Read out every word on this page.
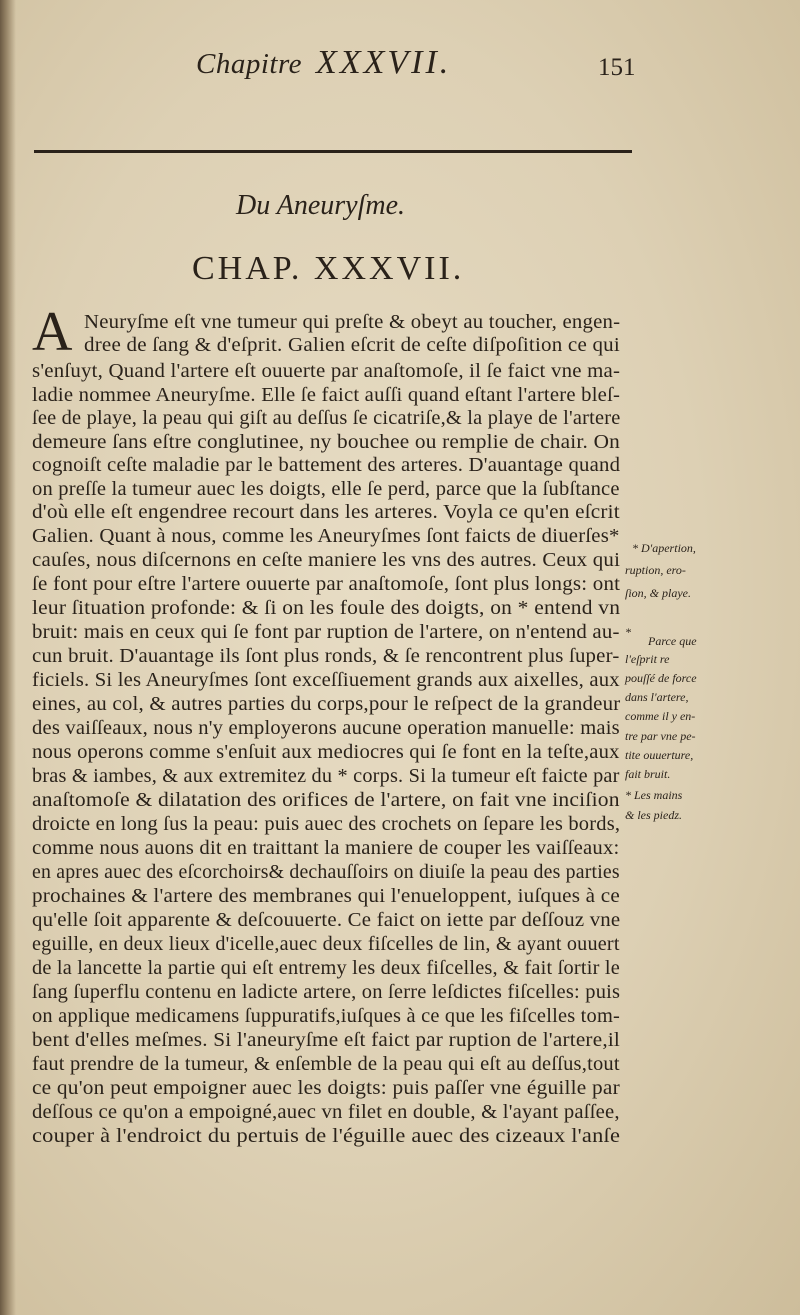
Chapitre XXXVII.	151
Du Aneuryſme.
CHAP. XXXVII.
A Neuryſme eſt vne tumeur qui preſte & obeyt au toucher, engen-
dree de ſang & d'eſprit. Galien eſcrit de ceſte diſpoſition ce qui
s'enſuyt, Quand l'artere eſt ouuerte par anaſtomoſe, il ſe faict vne ma-
ladie nommee Aneuryſme. Elle ſe faict auſſi quand eſtant l'artere bleſ-
ſee de playe, la peau qui giſt au deſſus ſe cicatriſe,& la playe de l'artere
demeure ſans eſtre conglutinee, ny bouchee ou remplie de chair. On
cognoiſt ceſte maladie par le battement des arteres. D'auantage quand
on preſſe la tumeur auec les doigts, elle ſe perd, parce que la ſubſtance
d'où elle eſt engendree recourt dans les arteres. Voyla ce qu'en eſcrit
Galien. Quant à nous, comme les Aneuryſmes ſont faicts de diuerſes*
cauſes, nous diſcernons en ceſte maniere les vns des autres. Ceux qui
ſe font pour eſtre l'artere ouuerte par anaſtomoſe, ſont plus longs: ont
leur ſituation profonde: & ſi on les foule des doigts, on * entend vn
bruit: mais en ceux qui ſe font par ruption de l'artere, on n'entend au-
cun bruit. D'auantage ils ſont plus ronds, & ſe rencontrent plus ſuper-
ficiels. Si les Aneuryſmes ſont exceſſiuement grands aux aixelles, aux
eines, au col, & autres parties du corps,pour le reſpect de la grandeur
des vaiſſeaux, nous n'y employerons aucune operation manuelle: mais
nous operons comme s'enſuit aux mediocres qui ſe font en la teſte,aux
bras & iambes, & aux extremitez du * corps. Si la tumeur eſt faicte par
anaſtomoſe & dilatation des orifices de l'artere, on fait vne inciſion
droicte en long ſus la peau: puis auec des crochets on ſepare les bords,
comme nous auons dit en traittant la maniere de couper les vaiſſeaux:
en apres auec des eſcorchoirs& dechauſſoirs on diuiſe la peau des parties
prochaines & l'artere des membranes qui l'enueloppent, iuſques à ce
qu'elle ſoit apparente & deſcouuerte. Ce faict on iette par deſſouz vne
eguille, en deux lieux d'icelle,auec deux fiſcelles de lin, & ayant ouuert
de la lancette la partie qui eſt entremy les deux fiſcelles, & fait ſortir le
ſang ſuperflu contenu en ladicte artere, on ſerre leſdictes fiſcelles: puis
on applique medicamens ſuppuratifs,iuſques à ce que les fiſcelles tom-
bent d'elles meſmes. Si l'aneuryſme eſt faict par ruption de l'artere,il
faut prendre de la tumeur, & enſemble de la peau qui eſt au deſſus,tout
ce qu'on peut empoigner auec les doigts: puis paſſer vne éguille par
deſſous ce qu'on a empoigné,auec vn filet en double, & l'ayant paſſee,
couper à l'endroict du pertuis de l'éguille auec des cizeaux l'anſe
* D'apertion,
ruption, ero-
ſion, & playe.
*
Parce que
l'eſprit re
pouſſé de force
dans l'artere,
comme il y en-
tre par vne pe-
tite ouuerture,
fait bruit.
* Les mains
& les piedz.
